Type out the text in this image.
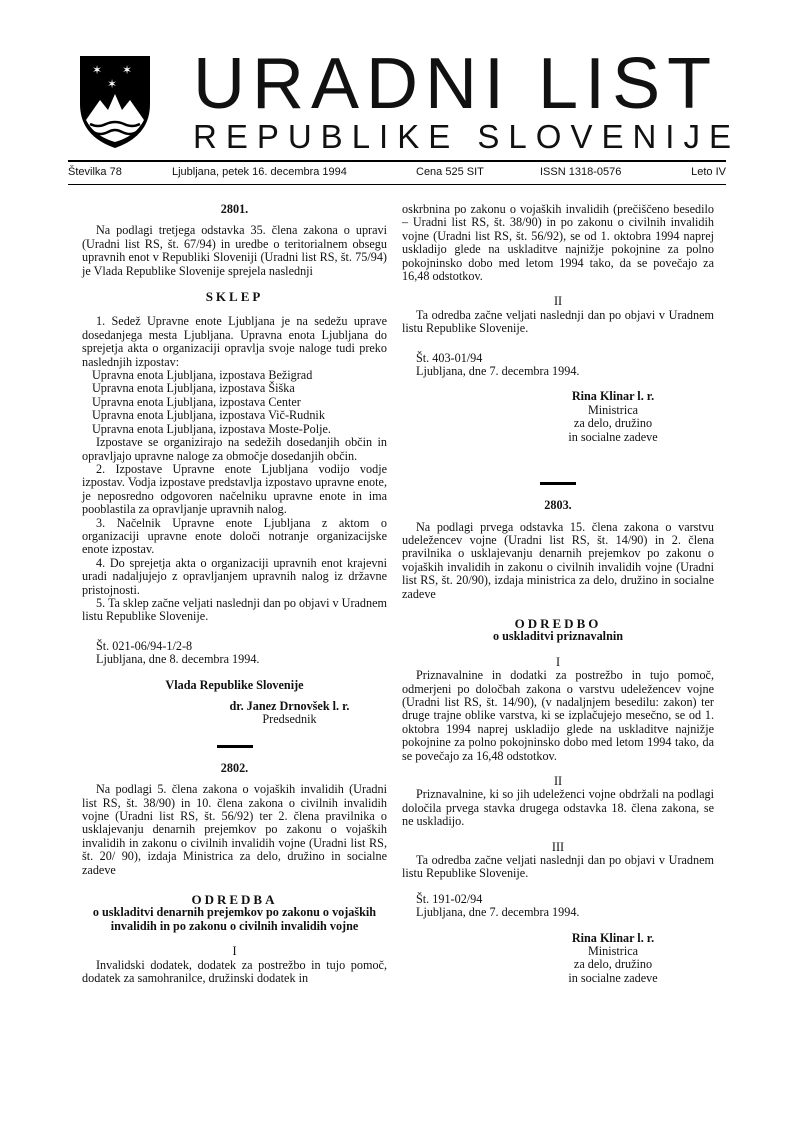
✶ ✶
✶ URADNI LIST
REPUBLIKE SLOVENIJE
Številka 78	Ljubljana, petek 16. decembra 1994	Cena 525 SIT	ISSN 1318-0576	Leto IV

2801.

Na podlagi tretjega odstavka 35. člena zakona o upravi (Uradni list RS, št. 67/94) in uredbe o teritorialnem obsegu upravnih enot v Republiki Sloveniji (Uradni list RS, št. 75/94) je Vlada Republike Slovenije sprejela naslednji

SKLEP

1. Sedež Upravne enote Ljubljana je na sedežu uprave dosedanjega mesta Ljubljana. Upravna enota Ljubljana do sprejetja akta o organizaciji opravlja svoje naloge tudi preko naslednjih izpostav:

Upravna enota Ljubljana, izpostava Bežigrad

Upravna enota Ljubljana, izpostava Šiška

Upravna enota Ljubljana, izpostava Center

Upravna enota Ljubljana, izpostava Vič-Rudnik

Upravna enota Ljubljana, izpostava Moste-Polje.

Izpostave se organizirajo na sedežih dosedanjih občin in opravljajo upravne naloge za območje dosedanjih občin.

2. Izpostave Upravne enote Ljubljana vodijo vodje izpostav. Vodja izpostave predstavlja izpostavo upravne enote, je neposredno odgovoren načelniku upravne enote in ima pooblastila za opravljanje upravnih nalog.

3. Načelnik Upravne enote Ljubljana z aktom o organizaciji upravne enote določi notranje organizacijske enote izpostav.

4. Do sprejetja akta o organizaciji upravnih enot krajevni uradi nadaljujejo z opravljanjem upravnih nalog iz državne pristojnosti.

5. Ta sklep začne veljati naslednji dan po objavi v Uradnem listu Republike Slovenije.

Št. 021-06/94-1/2-8

Ljubljana, dne 8. decembra 1994.

Vlada Republike Slovenije

dr. Janez Drnovšek l. r.

Predsednik

2802.

Na podlagi 5. člena zakona o vojaških invalidih (Uradni list RS, št. 38/90) in 10. člena zakona o civilnih invalidih vojne (Uradni list RS, št. 56/92) ter 2. člena pravilnika o usklajevanju denarnih prejemkov po zakonu o vojaških invalidih in zakonu o civilnih invalidih vojne (Uradni list RS, št. 20/ 90), izdaja Ministrica za delo, družino in socialne zadeve

ODREDBA

o uskladitvi denarnih prejemkov po zakonu o vojaških invalidih in po zakonu o civilnih invalidih vojne

I

Invalidski dodatek, dodatek za postrežbo in tujo pomoč, dodatek za samohranilce, družinski dodatek in

oskrbnina po zakonu o vojaških invalidih (prečiščeno besedilo – Uradni list RS, št. 38/90) in po zakonu o civilnih invalidih vojne (Uradni list RS, št. 56/92), se od 1. oktobra 1994 naprej uskladijo glede na uskladitve najnižje pokojnine za polno pokojninsko dobo med letom 1994 tako, da se povečajo za 16,48 odstotkov.

II

Ta odredba začne veljati naslednji dan po objavi v Uradnem listu Republike Slovenije.

Št. 403-01/94

Ljubljana, dne 7. decembra 1994.

Rina Klinar l. r.

Ministrica

za delo, družino

in socialne zadeve

2803.

Na podlagi prvega odstavka 15. člena zakona o varstvu udeležencev vojne (Uradni list RS, št. 14/90) in 2. člena pravilnika o usklajevanju denarnih prejemkov po zakonu o vojaških invalidih in zakonu o civilnih invalidih vojne (Uradni list RS, št. 20/90), izdaja ministrica za delo, družino in socialne zadeve

ODREDBO

o uskladitvi priznavalnin

I

Priznavalnine in dodatki za postrežbo in tujo pomoč, odmerjeni po določbah zakona o varstvu udeležencev vojne (Uradni list RS, št. 14/90), (v nadaljnjem besedilu: zakon) ter druge trajne oblike varstva, ki se izplačujejo mesečno, se od 1. oktobra 1994 naprej uskladijo glede na uskladitve najnižje pokojnine za polno pokojninsko dobo med letom 1994 tako, da se povečajo za 16,48 odstotkov.

II

Priznavalnine, ki so jih udeleženci vojne obdržali na podlagi določila prvega stavka drugega odstavka 18. člena zakona, se ne uskladijo.

III

Ta odredba začne veljati naslednji dan po objavi v Uradnem listu Republike Slovenije.

Št. 191-02/94

Ljubljana, dne 7. decembra 1994.

Rina Klinar l. r.

Ministrica

za delo, družino

in socialne zadeve
